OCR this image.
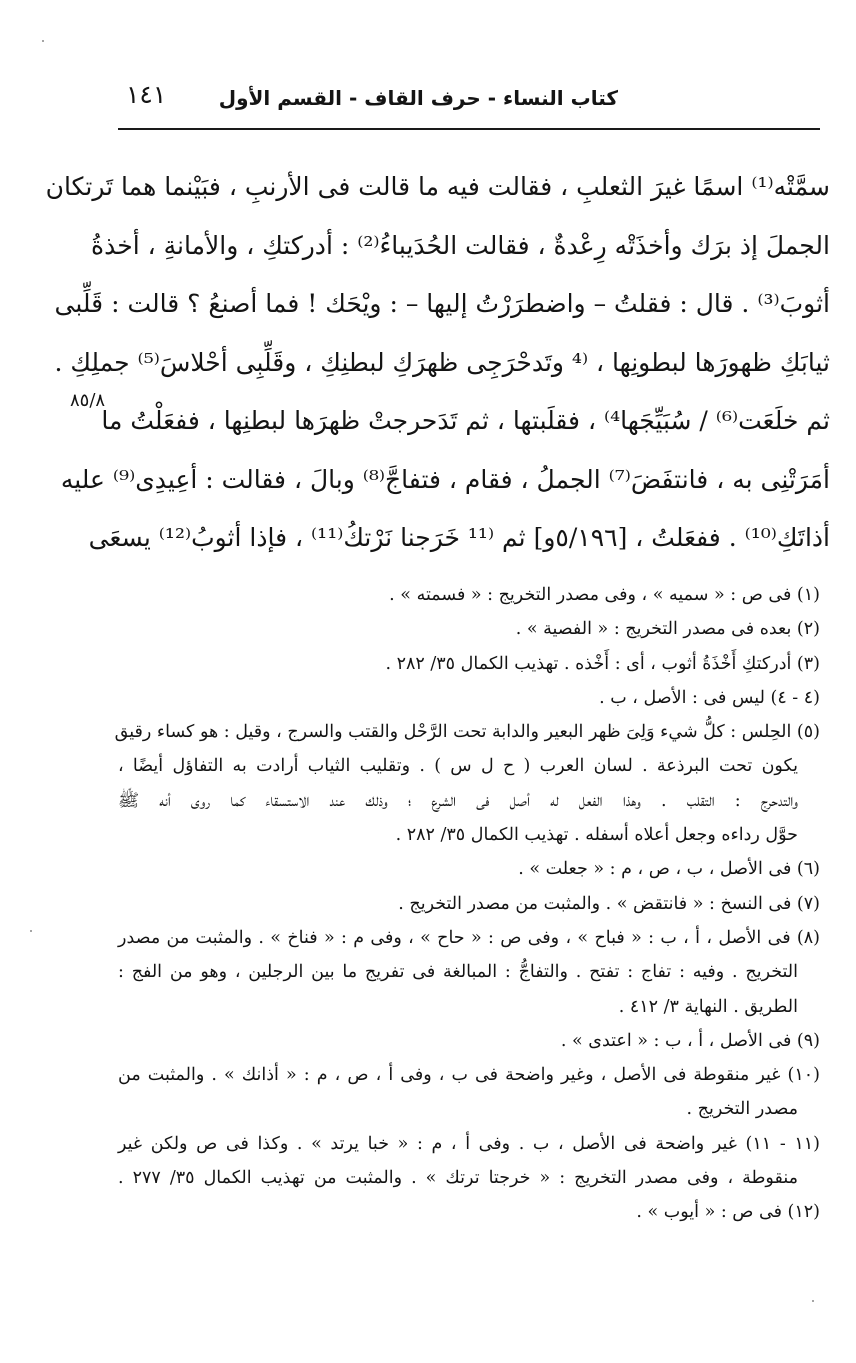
كتاب النساء - حرف القاف - القسم الأول
١٤١
٨٥/٨
سمَّتْه⁽¹⁾ اسمًا غيرَ الثعلبِ ، فقالت فيه ما قالت فى الأرنبِ ، فبَيْنما هما تَرتكان
الجملَ إذ برَك وأخذَتْه رِعْدةٌ ، فقالت الحُدَيباءُ⁽²⁾ : أدركتكِ ، والأمانةِ ، أخذةُ
أثوبَ⁽³⁾ . قال : فقلتُ – واضطرَرْتُ إليها – : ويْحَك ! فما أصنعُ ؟ قالت : قَلِّبى
ثيابَكِ ظهورَها لبطونِها ، ⁽⁴ وتَدحْرَجِى ظهرَكِ لبطنِكِ ، وقَلِّبِى أحْلاسَ⁽⁵⁾ جملِكِ .
ثم خلَعَت⁽⁶⁾ / سُبَيِّجَها⁴⁾ ، فقلَبتها ، ثم تَدَحرجتْ ظهرَها لبطنِها ، ففعَلْتُ ما
أمَرَتْنِى به ، فانتفَضَ⁽⁷⁾ الجملُ ، فقام ، فتفاجَّ⁽⁸⁾ وبالَ ، فقالت : أعِيدِى⁽⁹⁾ عليه
أذاتَكِ⁽¹⁰⁾ . ففعَلتُ ، [٥/١٩٦و] ثم ⁽¹¹ خَرَجنا نَرْتكُ⁽¹¹⁾ ، فإذا أثوبُ⁽¹²⁾ يسعَى
(١) فى ص : « سميه » ، وفى مصدر التخريج : « فسمته » .
(٢) بعده فى مصدر التخريج : « الفصية » .
(٣) أدركتكِ أَخْذَةُ أثوب ، أى : أَخْذه . تهذيب الكمال ٣٥/ ٢٨٢ .
(٤ - ٤) ليس فى : الأصل ، ب .
(٥) الحِلس : كلُّ شيء وَلِىَ ظهر البعير والدابة تحت الرَّحْل والقتب والسرج ، وقيل : هو كساء رقيق
يكون تحت البرذعة . لسان العرب ( ح ل س ) . وتقليب الثياب أرادت به التفاؤل أيضًا ،
والتدحرج : التقلب . وهذا الفعل له أصل فى الشرع ؛ وذلك عند الاستسقاء كما روى أنه ﷺ
حوَّل رداءه وجعل أعلاه أسفله . تهذيب الكمال ٣٥/ ٢٨٢ .
(٦) فى الأصل ، ب ، ص ، م : « جعلت » .
(٧) فى النسخ : « فانتقض » . والمثبت من مصدر التخريج .
(٨) فى الأصل ، أ ، ب : « فباح » ، وفى ص : « حاح » ، وفى م : « فناخ » . والمثبت من مصدر
التخريج . وفيه : تفاج : تفتح . والتفاجُّ : المبالغة فى تفريج ما بين الرجلين ، وهو من الفج :
الطريق . النهاية ٣/ ٤١٢ .
(٩) فى الأصل ، أ ، ب : « اعتدى » .
(١٠) غير منقوطة فى الأصل ، وغير واضحة فى ب ، وفى أ ، ص ، م : « أذانك » . والمثبت من
مصدر التخريج .
(١١ - ١١) غير واضحة فى الأصل ، ب . وفى أ ، م : « خبا يرتد » . وكذا فى ص ولكن غير
منقوطة ، وفى مصدر التخريج : « خرجتا ترتك » . والمثبت من تهذيب الكمال ٣٥/ ٢٧٧ .
(١٢) فى ص : « أيوب » .
